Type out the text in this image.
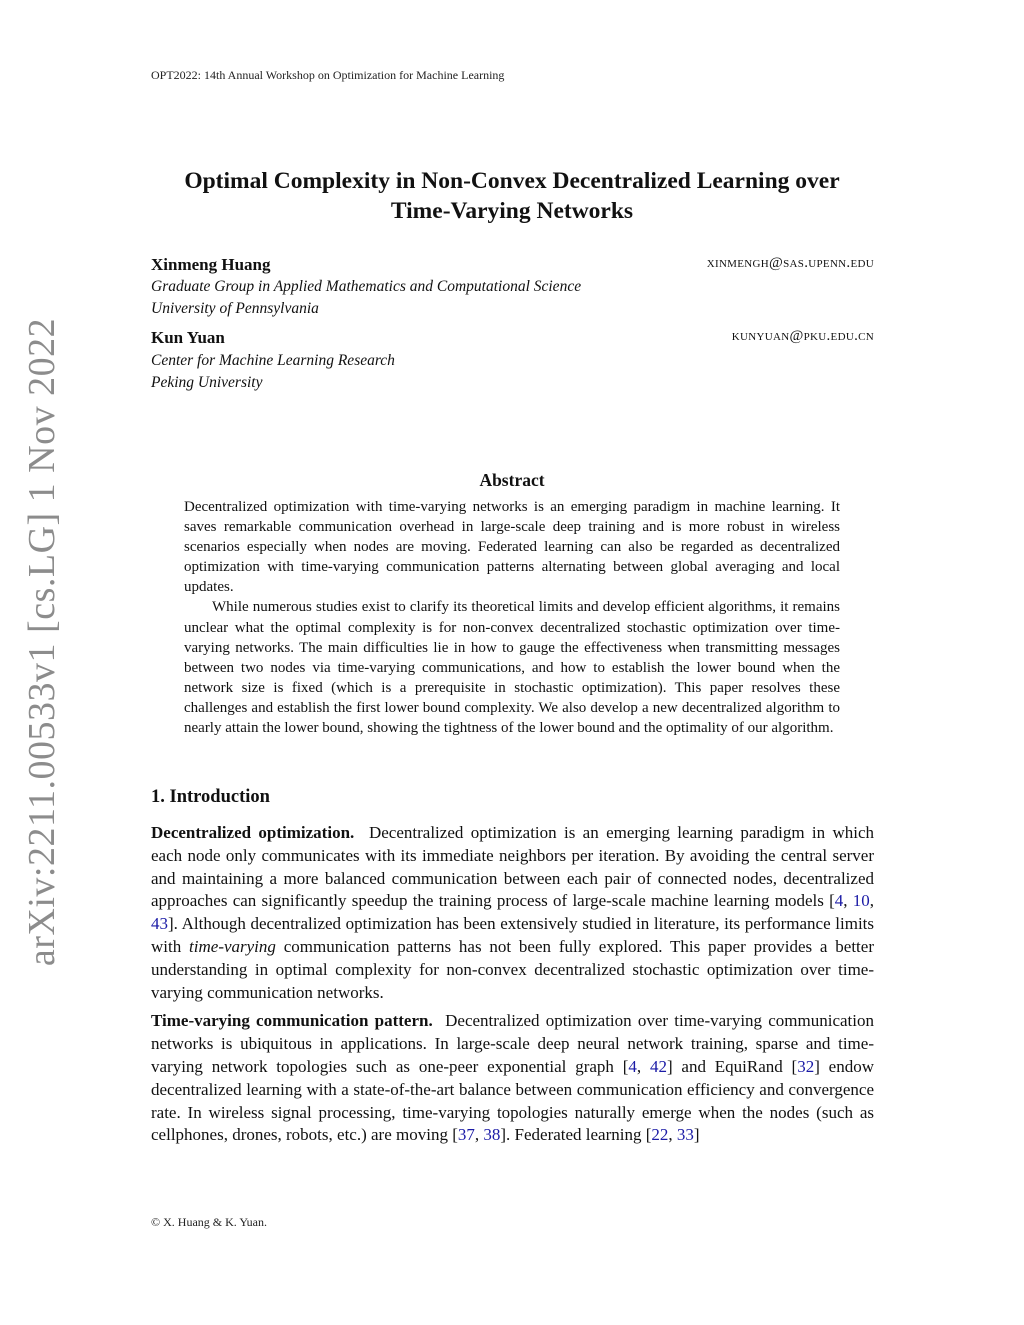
OPT2022: 14th Annual Workshop on Optimization for Machine Learning
arXiv:2211.00533v1 [cs.LG] 1 Nov 2022
Optimal Complexity in Non-Convex Decentralized Learning over
Time-Varying Networks
Xinmeng Huang	xinmengh@sas.upenn.edu
Graduate Group in Applied Mathematics and Computational Science
University of Pennsylvania
Kun Yuan	kunyuan@pku.edu.cn
Center for Machine Learning Research
Peking University
Abstract

Decentralized optimization with time-varying networks is an emerging paradigm in machine learning. It saves remarkable communication overhead in large-scale deep training and is more robust in wireless scenarios especially when nodes are moving. Federated learning can also be regarded as decentralized optimization with time-varying communication patterns alternating between global averaging and local updates.

While numerous studies exist to clarify its theoretical limits and develop efficient algorithms, it remains unclear what the optimal complexity is for non-convex decentralized stochastic optimization over time-varying networks. The main difficulties lie in how to gauge the effectiveness when transmitting messages between two nodes via time-varying communications, and how to establish the lower bound when the network size is fixed (which is a prerequisite in stochastic optimization). This paper resolves these challenges and establish the first lower bound complexity. We also develop a new decentralized algorithm to nearly attain the lower bound, showing the tightness of the lower bound and the optimality of our algorithm.

1. Introduction

Decentralized optimization. Decentralized optimization is an emerging learning paradigm in which each node only communicates with its immediate neighbors per iteration. By avoiding the central server and maintaining a more balanced communication between each pair of connected nodes, decentralized approaches can significantly speedup the training process of large-scale machine learning models [4, 10, 43]. Although decentralized optimization has been extensively studied in literature, its performance limits with time-varying communication patterns has not been fully explored. This paper provides a better understanding in optimal complexity for non-convex decentralized stochastic optimization over time-varying communication networks.

Time-varying communication pattern. Decentralized optimization over time-varying communication networks is ubiquitous in applications. In large-scale deep neural network training, sparse and time-varying network topologies such as one-peer exponential graph [4, 42] and EquiRand [32] endow decentralized learning with a state-of-the-art balance between communication efficiency and convergence rate. In wireless signal processing, time-varying topologies naturally emerge when the nodes (such as cellphones, drones, robots, etc.) are moving [37, 38]. Federated learning [22, 33]

© X. Huang & K. Yuan.
